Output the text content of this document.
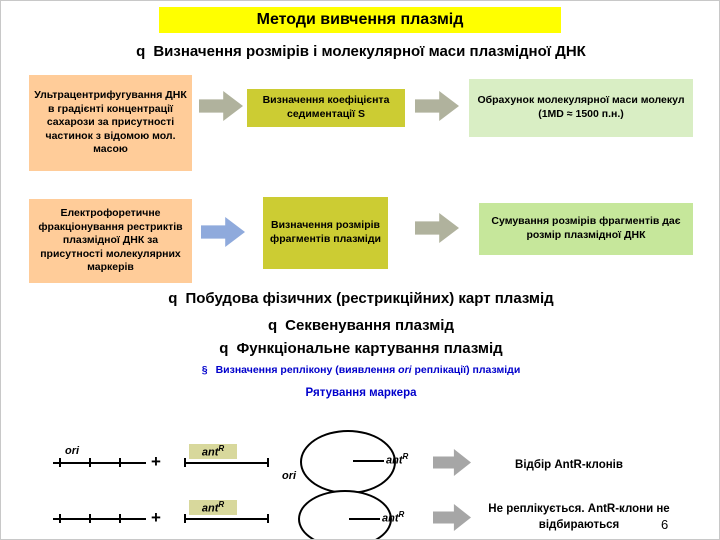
Методи вивчення плазмід
q Визначення розмірів і молекулярної маси плазмідної ДНК
Ультрацентрифугування ДНК в градієнті концентрації сахарози за присутності частинок з відомою мол. масою
Визначення коефіцієнта седиментації S
Обрахунок молекулярної маси молекул (1MD ≈ 1500 п.н.)
Електрофоретичне фракціонування рестриктів плазмідної ДНК за присутності молекулярних маркерів
Визначення розмірів фрагментів плазміди
Сумування розмірів фрагментів дає розмір плазмідної ДНК
q Побудова фізичних (рестрикційних) карт плазмід
q Секвенування плазмід
q Функціональне картування плазмід
§ Визначення реплікону (виявлення ori реплікації) плазміди
Рятування маркера
ori
+	ant$^R$
ant$^R$
ori
Відбір AntR-клонів
+	ant$^R$
ant$^R$	Не реплікується. AntR-клони не
відбираються	6
